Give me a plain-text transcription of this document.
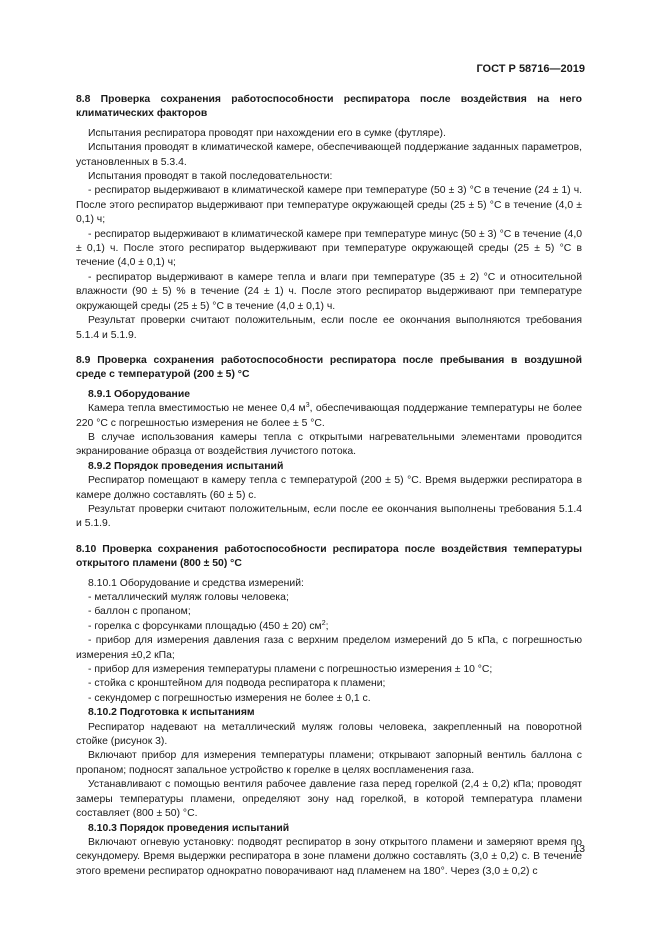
ГОСТ Р 58716—2019

8.8 Проверка сохранения работоспособности респиратора после воздействия на него климатических факторов

Испытания респиратора проводят при нахождении его в сумке (футляре).

Испытания проводят в климатической камере, обеспечивающей поддержание заданных параметров, установленных в 5.3.4.

Испытания проводят в такой последовательности:

- респиратор выдерживают в климатической камере при температуре (50 ± 3) °С в течение (24 ± 1) ч. После этого респиратор выдерживают при температуре окружающей среды (25 ± 5) °С в течение (4,0 ± 0,1) ч;

- респиратор выдерживают в климатической камере при температуре минус (50 ± 3) °С в течение (4,0 ± 0,1) ч. После этого респиратор выдерживают при температуре окружающей среды (25 ± 5) °С в течение (4,0 ± 0,1) ч;

- респиратор выдерживают в камере тепла и влаги при температуре (35 ± 2) °С и относительной влажности (90 ± 5) % в течение (24 ± 1) ч. После этого респиратор выдерживают при температуре окружающей среды (25 ± 5) °С в течение (4,0 ± 0,1) ч.

Результат проверки считают положительным, если после ее окончания выполняются требования 5.1.4 и 5.1.9.

8.9 Проверка сохранения работоспособности респиратора после пребывания в воздушной среде с температурой (200 ± 5) °С

8.9.1 Оборудование

Камера тепла вместимостью не менее 0,4 $м^3$, обеспечивающая поддержание температуры не более 220 °С с погрешностью измерения не более ± 5 °С.

В случае использования камеры тепла с открытыми нагревательными элементами проводится экранирование образца от воздействия лучистого потока.

8.9.2 Порядок проведения испытаний

Респиратор помещают в камеру тепла с температурой (200 ± 5) °С. Время выдержки респиратора в камере должно составлять (60 ± 5) с.

Результат проверки считают положительным, если после ее окончания выполнены требования 5.1.4 и 5.1.9.

8.10 Проверка сохранения работоспособности респиратора после воздействия температуры открытого пламени (800 ± 50) °С

8.10.1 Оборудование и средства измерений:

- металлический муляж головы человека;

- баллон с пропаном;

- горелка с форсунками площадью (450 ± 20) $см^2$;

- прибор для измерения давления газа с верхним пределом измерений до 5 кПа, с погрешностью измерения ±0,2 кПа;

- прибор для измерения температуры пламени с погрешностью измерения ± 10 °С;

- стойка с кронштейном для подвода респиратора к пламени;

- секундомер с погрешностью измерения не более ± 0,1 с.

8.10.2 Подготовка к испытаниям

Респиратор надевают на металлический муляж головы человека, закрепленный на поворотной стойке (рисунок 3).

Включают прибор для измерения температуры пламени; открывают запорный вентиль баллона с пропаном; подносят запальное устройство к горелке в целях воспламенения газа.

Устанавливают с помощью вентиля рабочее давление газа перед горелкой (2,4 ± 0,2) кПа; проводят замеры температуры пламени, определяют зону над горелкой, в которой температура пламени составляет (800 ± 50) °С.

8.10.3 Порядок проведения испытаний

Включают огневую установку: подводят респиратор в зону открытого пламени и замеряют время по секундомеру. Время выдержки респиратора в зоне пламени должно составлять (3,0 ± 0,2) с. В течение этого времени респиратор однократно поворачивают над пламенем на 180°. Через (3,0 ± 0,2) с

13
